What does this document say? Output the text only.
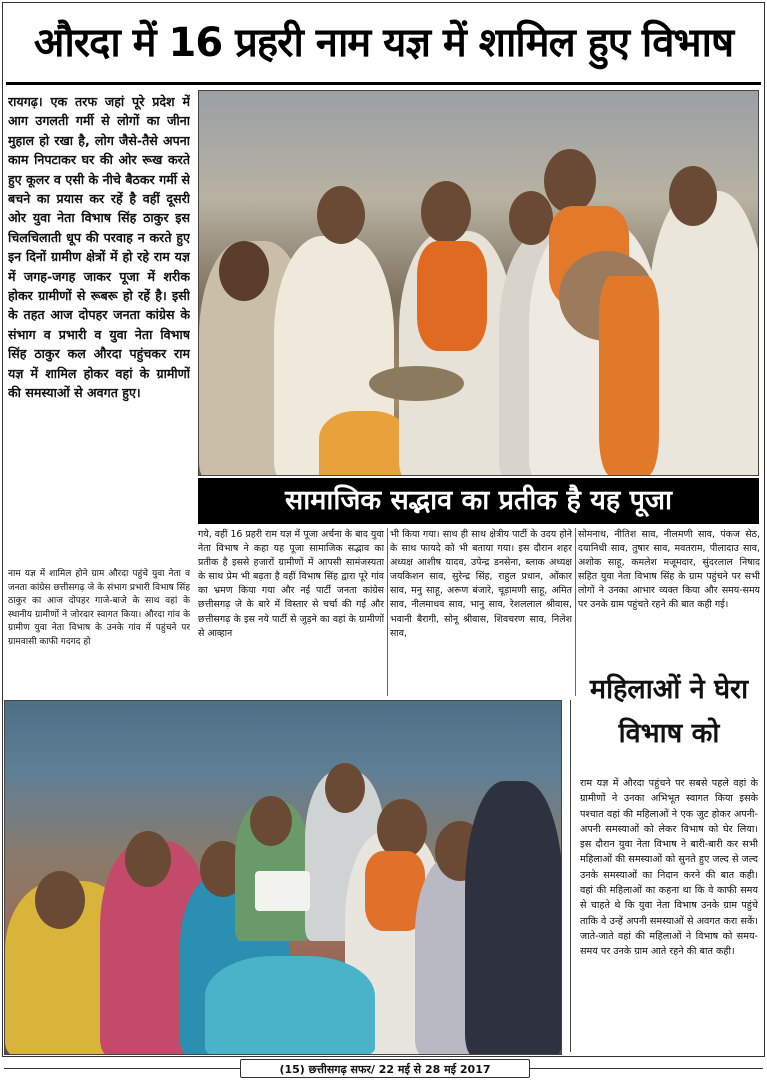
औरदा में 16 प्रहरी नाम यज्ञ में शामिल हुए विभाष

रायगढ़। एक तरफ जहां पूरे प्रदेश में आग उगलती गर्मी से लोगों का जीना मुहाल हो रखा है, लोग जैसे-तैसे अपना काम निपटाकर घर की ओर रूख करते हुए कूलर व एसी के नीचे बैठकर गर्मी से बचने का प्रयास कर रहें है वहीं दूसरी ओर युवा नेता विभाष सिंह ठाकुर इस चिलचिलाती धूप की परवाह न करते हुए इन दिनों ग्रामीण क्षेत्रों में हो रहे राम यज्ञ में जगह-जगह जाकर पूजा में शरीक होकर ग्रामीणों से रूबरू हो रहें है। इसी के तहत आज दोपहर जनता कांग्रेस के संभाग व प्रभारी व युवा नेता विभाष सिंह ठाकुर कल औरदा पहुंचकर राम यज्ञ में शामिल होकर वहां के ग्रामीणों की समस्याओं से अवगत हुए।

नाम यज्ञ में शामिल होने ग्राम औरदा पहुंचे युवा नेता व जनता कांग्रेस छत्तीसगढ़ जे के संभाग प्रभारी विभाष सिंह ठाकुर का आज दोपहर गाजे-बाजे के साथ वहां के स्थानीय ग्रामीणों ने जोरदार स्वागत किया। औरदा गांव के ग्रामीण युवा नेता विभाष के उनके गांव में पहुंचने पर ग्रामवासी काफी गदगद हो

सामाजिक सद्भाव का प्रतीक है यह पूजा

गये, वहीं 16 प्रहरी राम यज्ञ में पूजा अर्चना के बाद युवा नेता विभाष ने कहा यह पूजा सामाजिक सद्भाव का प्रतीक है इससे हजारों ग्रामीणों में आपसी सामंजस्यता के साथ प्रेम भी बढ़ता है वहीं विभाष सिंह द्वारा पूरे गांव का भ्रमण किया गया और नई पार्टी जनता कांग्रेस छत्तीसगढ़ जे के बारे में विस्तार से चर्चा की गई और छत्तीसगढ़ के इस नये पार्टी से जुड़ने का वहां के ग्रामीणों से आव्हान

भी किया गया। साथ ही साथ क्षेत्रीय पार्टी के उदय होने के साथ फायदे को भी बताया गया। इस दौरान शहर अध्यक्ष आशीष यादव, उपेन्द्र डनसेना, ब्लाक अध्यक्ष जयकिशन साव, सुरेन्द्र सिंह, राहुल प्रधान, ओंकार साव, मनु साहू, अरूण बंजारे, चूड़ामणी साहू, अमित साव, नीलमाधव साव, भानु साव, रेशललाल श्रीवास, भवानी बैरागी, सोनू श्रीवास, शिवचरण साव, निलेश साव,

सोमनाथ, नीतिश साव, नीलमणी साव, पंकज सेठ, दयानिधी साव, तुषार साव, मवतराम, पीलादाउ साव, अशोक साहू, कमलेश मजूमदार, सुंदरलाल निषाद सहित युवा नेता विभाष सिंह के ग्राम पहुंचने पर सभी लोगों ने उनका आभार व्यक्त किया और समय-समय पर उनके ग्राम पहुंचते रहने की बात कही गई।

महिलाओं ने घेरा विभाष को

राम यज्ञ में औरदा पहुंचने पर सबसे पहले वहां के ग्रामीणों ने उनका अभिभूत स्वागत किया इसके पश्चात वहां की महिलाओं ने एक जुट होकर अपनी-अपनी समस्याओं को लेकर विभाष को घेर लिया। इस दौरान युवा नेता विभाष ने बारी-बारी कर सभी महिलाओं की समस्याओं को सुनते हुए जल्द से जल्द उनके समस्याओं का निदान करने की बात कही। वहां की महिलाओं का कहना था कि वे काफी समय से चाहते थे कि युवा नेता विभाष उनके ग्राम पहुंचे ताकि वे उन्हें अपनी समस्याओं से अवगत करा सकें। जाते-जाते वहां की महिलाओं ने विभाष को समय-समय पर उनके ग्राम आते रहने की बात कही।

(15) छत्तीसगढ़ सफर/ 22 मई से 28 मई 2017
